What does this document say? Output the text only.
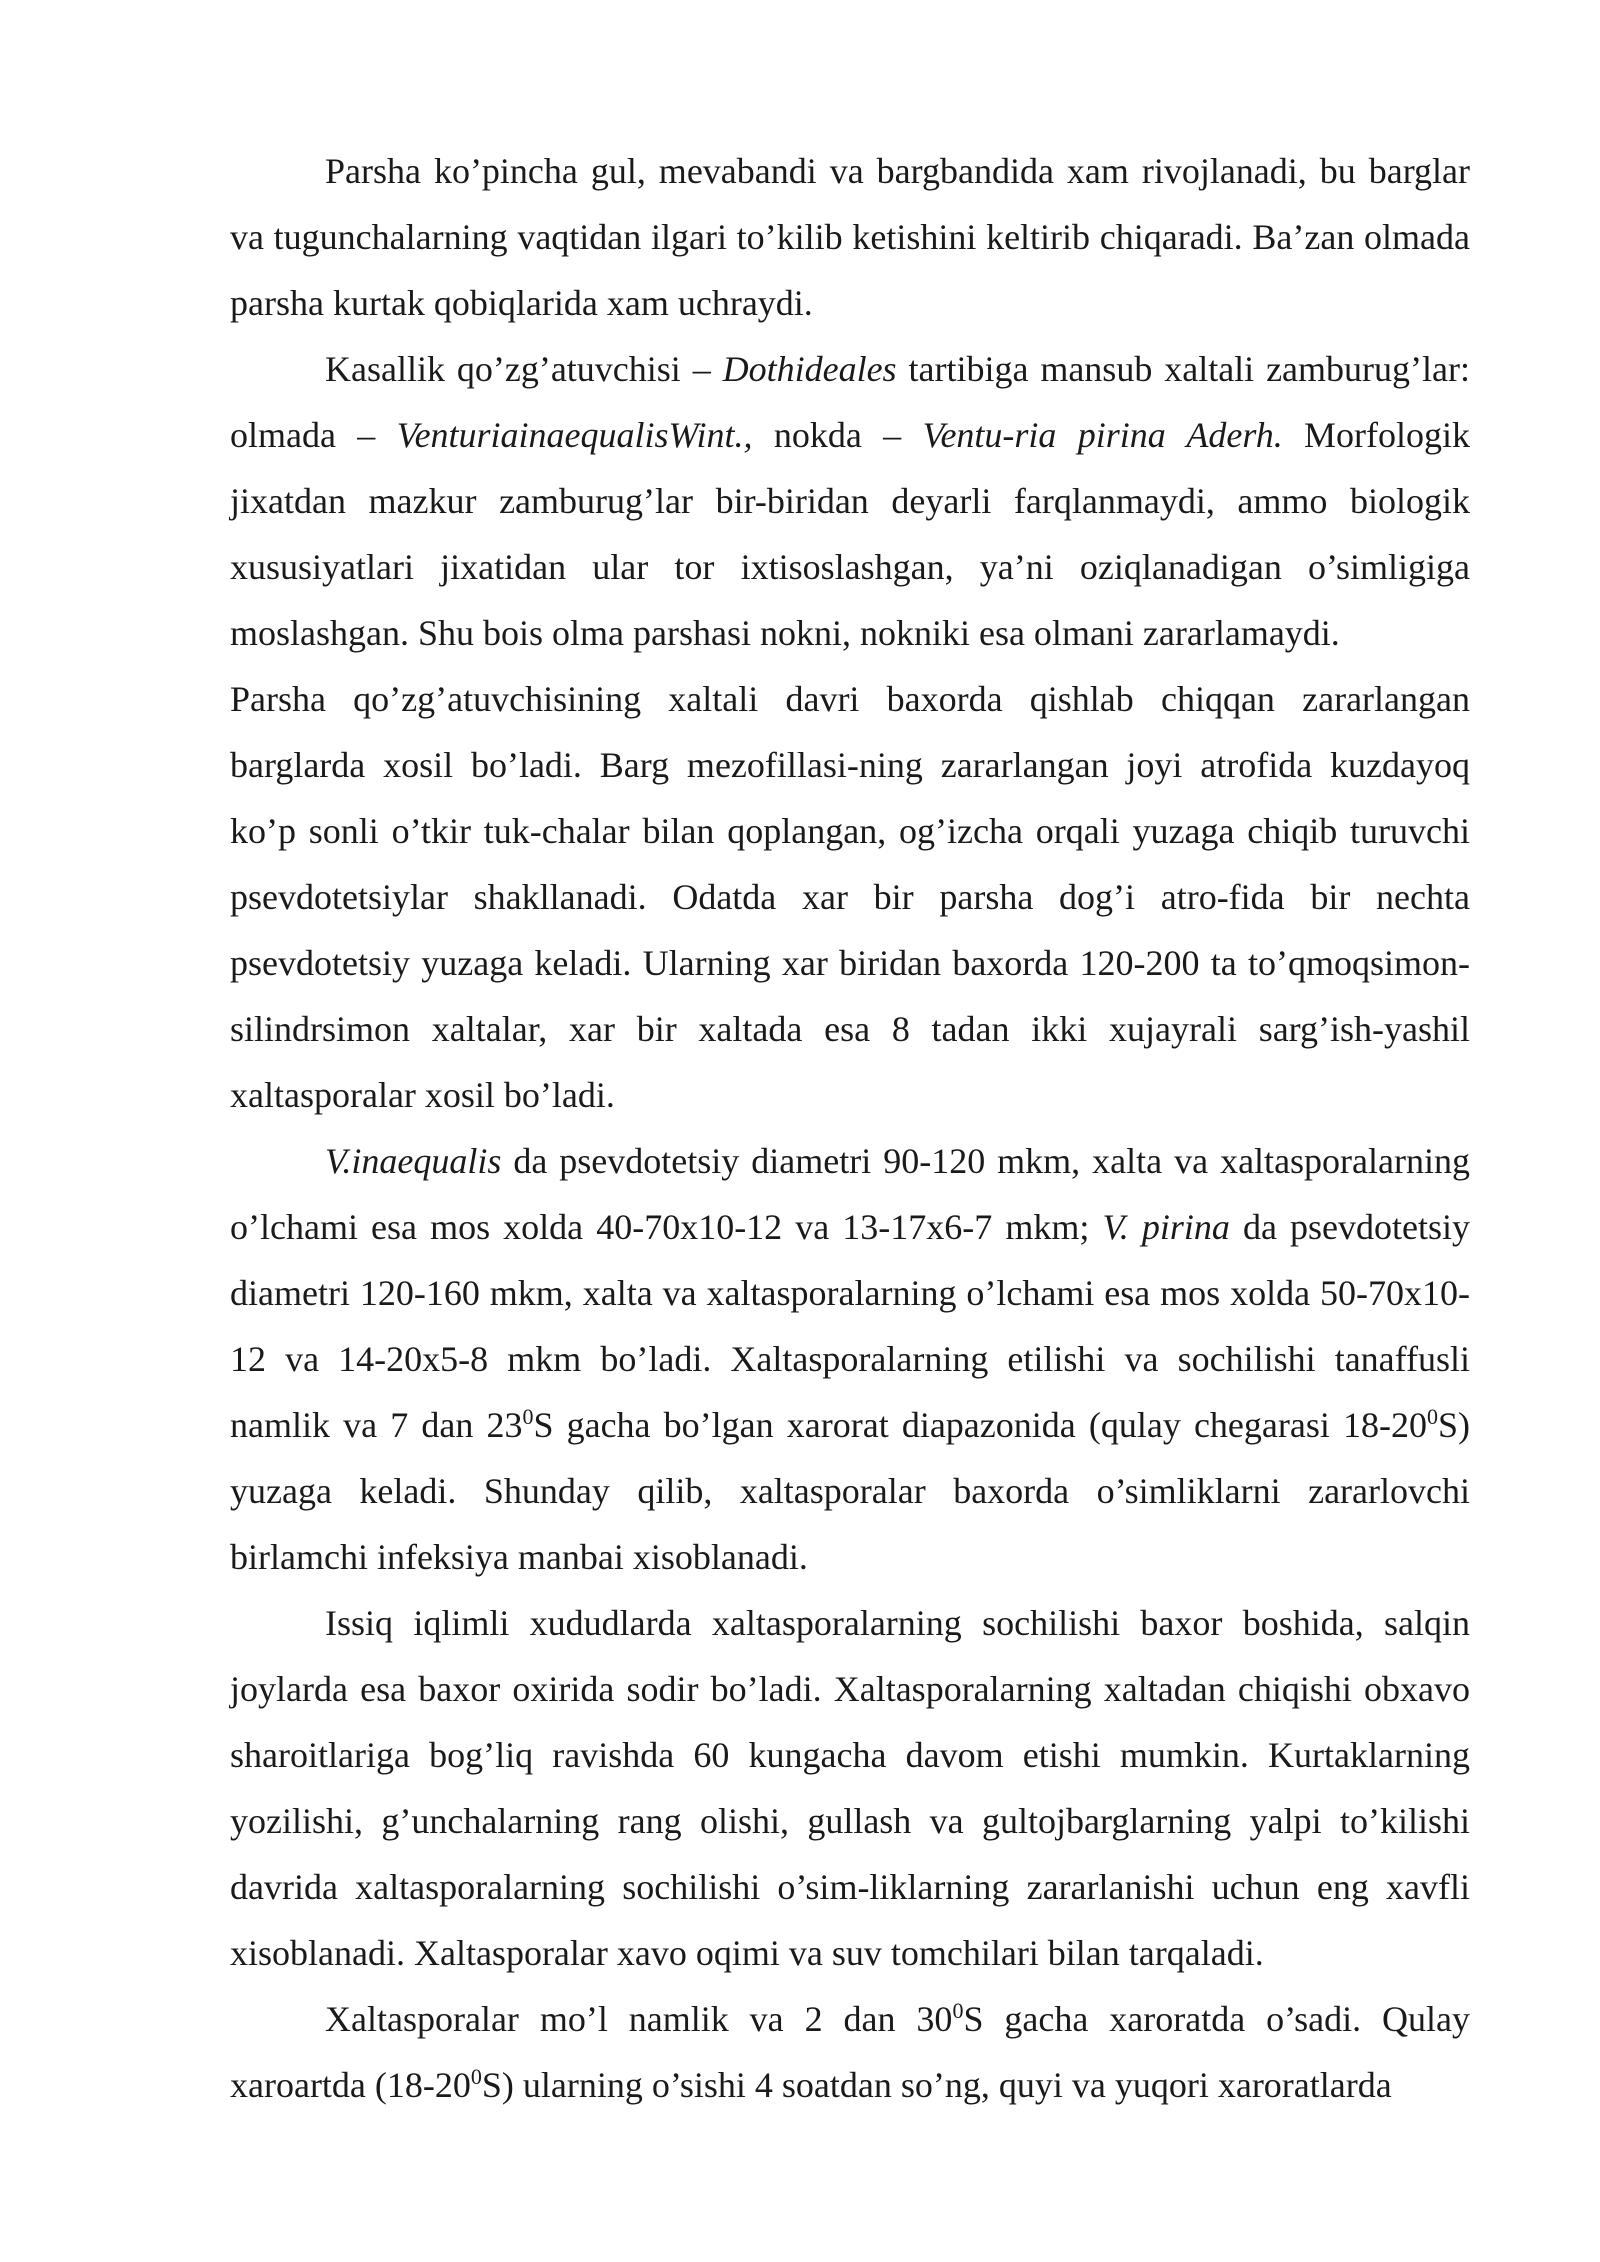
Parsha ko’pincha gul, mevabandi va bargbandida xam rivojlanadi, bu barglar va tugunchalarning vaqtidan ilgari to’kilib ketishini keltirib chiqaradi. Ba’zan olmada parsha kurtak qobiqlarida xam uchraydi.

Kasallik qo’zg’atuvchisi – Dothideales tartibiga mansub xaltali zamburug’lar: olmada – VenturiainaequalisWint., nokda – Ventu-ria pirina Aderh. Morfologik jixatdan mazkur zamburug’lar bir-biridan deyarli farqlanmaydi, ammo biologik xususiyatlari jixatidan ular tor ixtisoslashgan, ya’ni oziqlanadigan o’simligiga moslashgan. Shu bois olma parshasi nokni, nokniki esa olmani zararlamaydi.

Parsha qo’zg’atuvchisining xaltali davri baxorda qishlab chiqqan zararlangan barglarda xosil bo’ladi. Barg mezofillasi-ning zararlangan joyi atrofida kuzdayoq ko’p sonli o’tkir tuk-chalar bilan qoplangan, og’izcha orqali yuzaga chiqib turuvchi psevdotetsiylar shakllanadi. Odatda xar bir parsha dog’i atro-fida bir nechta psevdotetsiy yuzaga keladi. Ularning xar biridan baxorda 120-200 ta to’qmoqsimon-silindrsimon xaltalar, xar bir xaltada esa 8 tadan ikki xujayrali sarg’ish-yashil xaltasporalar xosil bo’ladi.

V.inaequalis da psevdotetsiy diametri 90-120 mkm, xalta va xaltasporalarning o’lchami esa mos xolda 40-70x10-12 va 13-17x6-7 mkm; V. pirina da psevdotetsiy diametri 120-160 mkm, xalta va xaltasporalarning o’lchami esa mos xolda 50-70x10-12 va 14-20x5-8 mkm bo’ladi. Xaltasporalarning etilishi va sochilishi tanaffusli namlik va 7 dan $23^0S$ gacha bo’lgan xarorat diapazonida (qulay chegarasi $18-20^0S$) yuzaga keladi. Shunday qilib, xaltasporalar baxorda o’simliklarni zararlovchi birlamchi infeksiya manbai xisoblanadi.

Issiq iqlimli xududlarda xaltasporalarning sochilishi baxor boshida, salqin joylarda esa baxor oxirida sodir bo’ladi. Xaltasporalarning xaltadan chiqishi obxavo sharoitlariga bog’liq ravishda 60 kungacha davom etishi mumkin. Kurtaklarning yozilishi, g’unchalarning rang olishi, gullash va gultojbarglarning yalpi to’kilishi davrida xaltasporalarning sochilishi o’sim-liklarning zararlanishi uchun eng xavfli xisoblanadi. Xaltasporalar xavo oqimi va suv tomchilari bilan tarqaladi.

Xaltasporalar mo’l namlik va 2 dan $30^0S$ gacha xaroratda o’sadi. Qulay xaroartda $(18-20^0S)$ ularning o’sishi 4 soatdan so’ng, quyi va yuqori xaroratlarda
